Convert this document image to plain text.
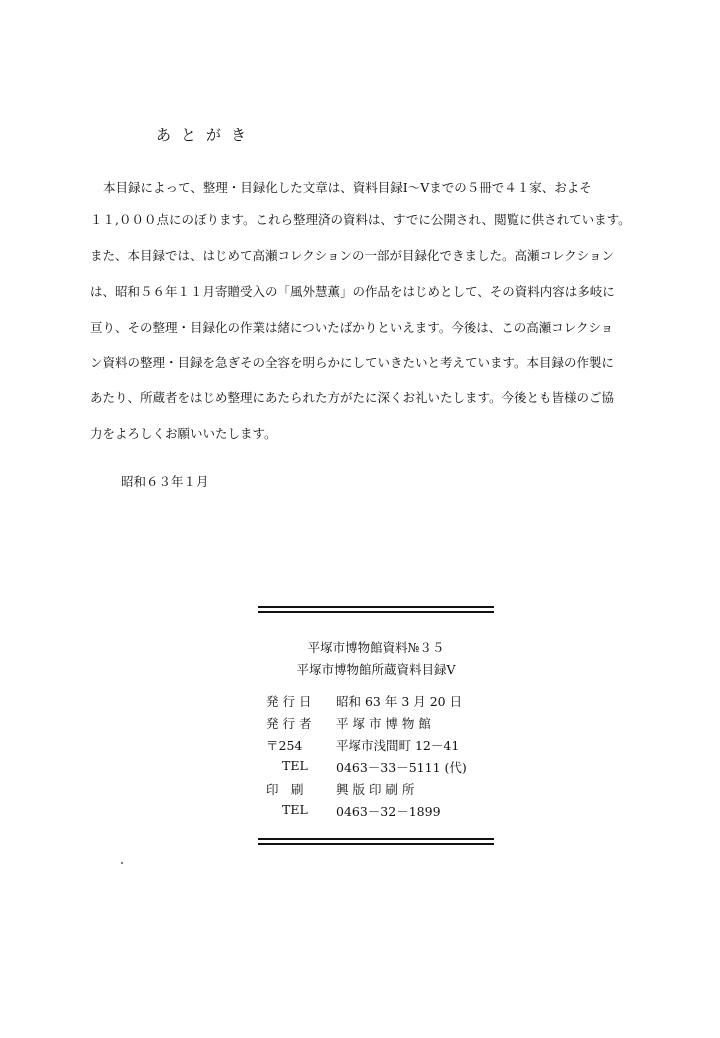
あとがき
本目録によって、整理・目録化した文章は、資料目録Ⅰ～Ⅴまでの５冊で４１家、およそ
１１,０００点にのぼります。これら整理済の資料は、すでに公開され、閲覧に供されています。
また、本目録では、はじめて高瀬コレクションの一部が目録化できました。高瀬コレクション
は、昭和５６年１１月寄贈受入の「風外慧薫」の作品をはじめとして、その資料内容は多岐に
亘り、その整理・目録化の作業は緒についたばかりといえます。今後は、この高瀬コレクショ
ン資料の整理・目録を急ぎその全容を明らかにしていきたいと考えています。本目録の作製に
あたり、所蔵者をはじめ整理にあたられた方がたに深くお礼いたします。今後とも皆様のご協
力をよろしくお願いいたします。
昭和６３年１月
平塚市博物館資料№３５
平塚市博物館所蔵資料目録Ⅴ
発 行 日 昭和 63 年 3 月 20 日
発 行 者 平 塚 市 博 物 館
〒254	平塚市浅間町 12－41
TEL 0463－33－5111 (代)
印　刷	興 版 印 刷 所
TEL 0463－32－1899
